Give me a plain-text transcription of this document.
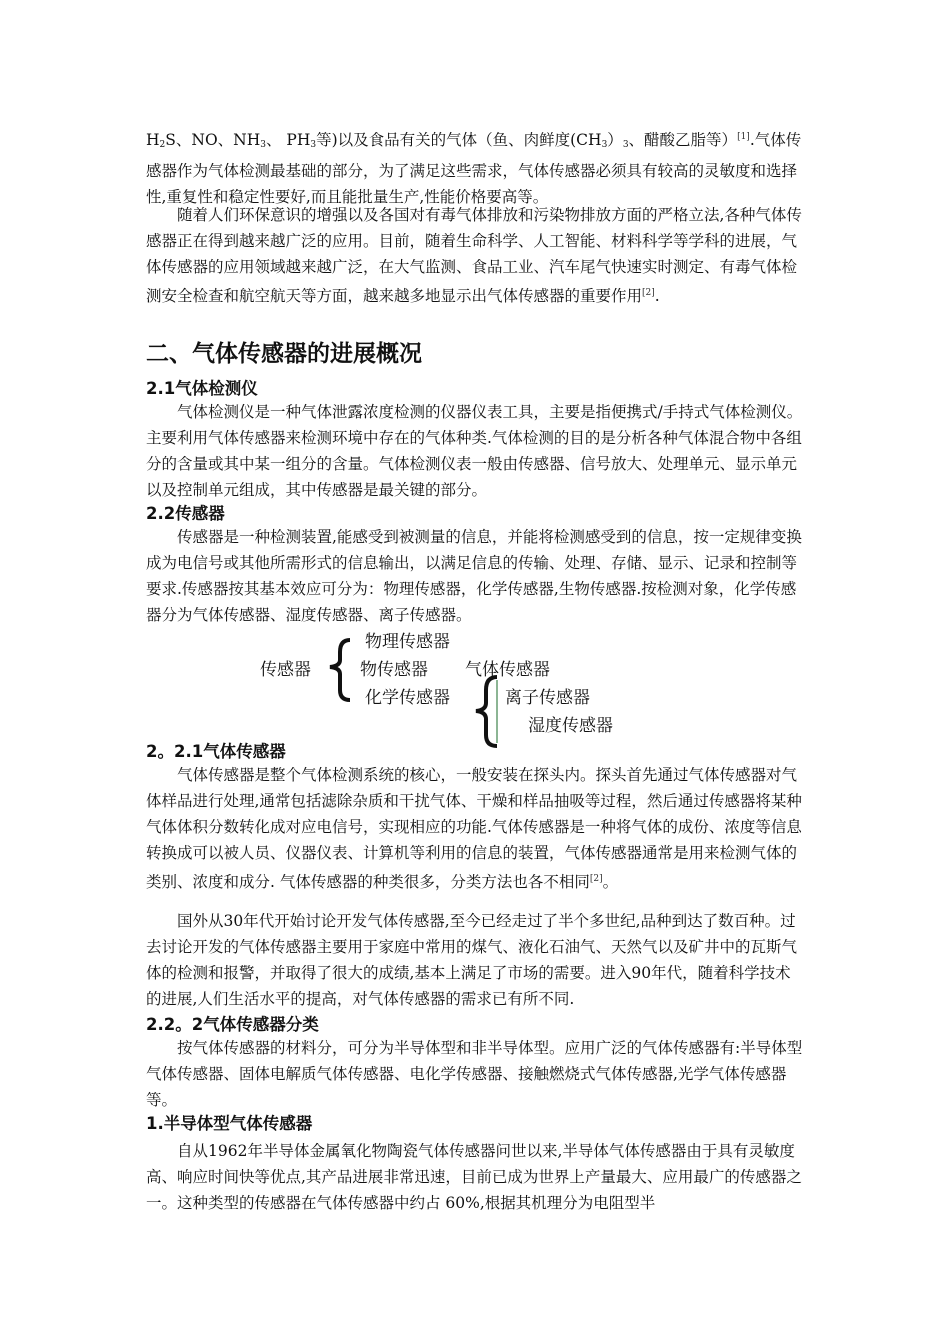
$H_2S$、NO、$NH_3$、 $PH_3$等)以及食品有关的气体（鱼、肉鲜度$(CH_3)_3$、醋酸乙脂等）[1].气体传感器作为气体检测最基础的部分，为了满足这些需求，气体传感器必须具有较高的灵敏度和选择性,重复性和稳定性要好,而且能批量生产,性能价格要高等。

随着人们环保意识的增强以及各国对有毒气体排放和污染物排放方面的严格立法,各种气体传感器正在得到越来越广泛的应用。目前，随着生命科学、人工智能、材料科学等学科的进展，气体传感器的应用领域越来越广泛，在大气监测、食品工业、汽车尾气快速实时测定、有毒气体检测安全检查和航空航天等方面，越来越多地显示出气体传感器的重要作用[2].

二、气体传感器的进展概况
2.1气体检测仪

气体检测仪是一种气体泄露浓度检测的仪器仪表工具，主要是指便携式/手持式气体检测仪。主要利用气体传感器来检测环境中存在的气体种类.气体检测的目的是分析各种气体混合物中各组分的含量或其中某一组分的含量。气体检测仪表一般由传感器、信号放大、处理单元、显示单元以及控制单元组成，其中传感器是最关键的部分。

2.2传感器

传感器是一种检测装置,能感受到被测量的信息，并能将检测感受到的信息，按一定规律变换成为电信号或其他所需形式的信息输出，以满足信息的传输、处理、存储、显示、记录和控制等要求.传感器按其基本效应可分为：物理传感器，化学传感器,生物传感器.按检测对象，化学传感器分为气体传感器、湿度传感器、离子传感器。

传感器
物理传感器
物传感器
化学传感器
气体传感器
离子传感器
湿度传感器
2。2.1气体传感器

气体传感器是整个气体检测系统的核心，一般安装在探头内。探头首先通过气体传感器对气体样品进行处理,通常包括滤除杂质和干扰气体、干燥和样品抽吸等过程，然后通过传感器将某种气体体积分数转化成对应电信号，实现相应的功能.气体传感器是一种将气体的成份、浓度等信息转换成可以被人员、仪器仪表、计算机等利用的信息的装置，气体传感器通常是用来检测气体的类别、浓度和成分. 气体传感器的种类很多，分类方法也各不相同[2]。

国外从30年代开始讨论开发气体传感器,至今已经走过了半个多世纪,品种到达了数百种。过去讨论开发的气体传感器主要用于家庭中常用的煤气、液化石油气、天然气以及矿井中的瓦斯气体的检测和报警，并取得了很大的成绩,基本上满足了市场的需要。进入90年代，随着科学技术的进展,人们生活水平的提高，对气体传感器的需求已有所不同.

2.2。2气体传感器分类

按气体传感器的材料分，可分为半导体型和非半导体型。应用广泛的气体传感器有:半导体型气体传感器、固体电解质气体传感器、电化学传感器、接触燃烧式气体传感器,光学气体传感器等。

1.半导体型气体传感器

自从1962年半导体金属氧化物陶瓷气体传感器问世以来,半导体气体传感器由于具有灵敏度高、响应时间快等优点,其产品进展非常迅速，目前已成为世界上产量最大、应用最广的传感器之一。这种类型的传感器在气体传感器中约占 60%,根据其机理分为电阻型半
